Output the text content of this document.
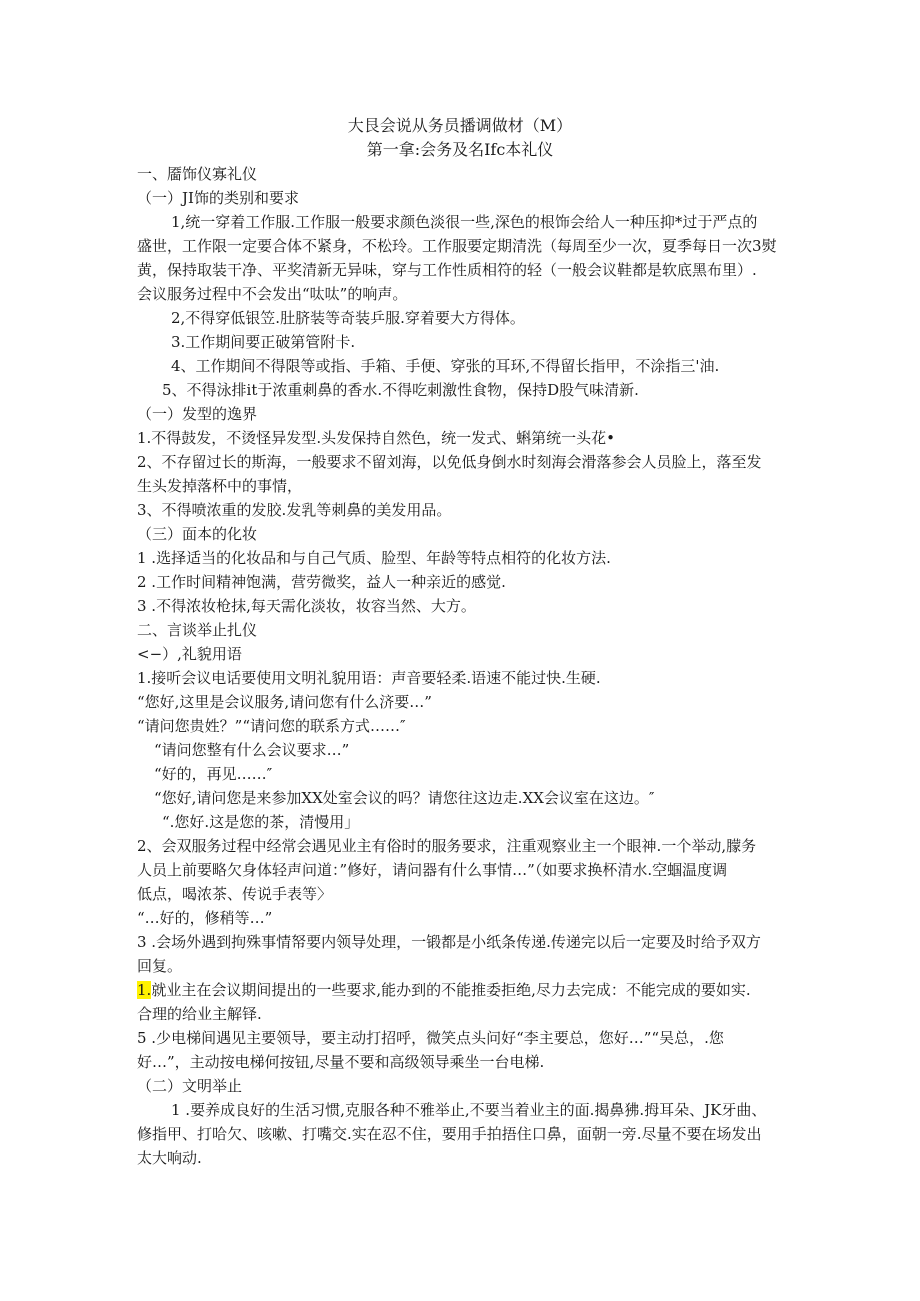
大艮会说从务员播调做材（M）
第一拿:会务及名Ifc本礼仪
一、靥饰仪寡礼仪
（一）JI饰的类别和要求
1,统一穿着工作服.工作服一般要求颜色淡很一些,深色的根饰会给人一种压抑*过于严点的
盛世，工作限一定要合体不紧身，不松玲。工作服要定期清洗（每周至少一次，夏季每日一次3熨
黄，保持取装干净、平奖清新无异味，穿与工作性质相符的轻（一般会议鞋都是软底黑布里）.
会议服务过程中不会发出“呔呔”的响声。
2,不得穿低银笠.肚脐装等奇装乒服.穿着要大方得体。
3.工作期间要正破第管附卡.
4、工作期间不得限等或指、手箱、手便、穿张的耳环,不得留长指甲，不涂指三'油.
5、不得泳排it于浓重刺鼻的香水.不得吃刺激性食物，保持D股气味清新.
（一）发型的逸界
1.不得鼓发，不烫怪异发型.头发保持自然色，统一发式、蝌第统一头花•
2、不存留过长的斯海，一般要求不留刘海，以免低身倒水时刻海会滑落参会人员脸上，落至发
生头发掉落杯中的事情，
3、不得喷浓重的发胶.发乳等刺鼻的美发用品。
（三）面本的化妆
1 .选择适当的化妆品和与自己气质、脸型、年龄等特点相符的化妆方法.
2 .工作时间精神饱满，营劳微奖，益人一种亲近的感觉.
3 .不得浓妆枪抹,每天需化淡妆，妆容当然、大方。
二、言谈举止扎仪
<−）,礼貌用语
1.接听会议电话要使用文明礼貌用语：声音要轻柔.语速不能过快.生硬.
“您好,这里是会议服务,请问您有什么济要…”
“请问您贵姓？”“请问您的联系方式……″
“请问您整有什么会议要求…”
“好的，再见……″
“您好,请问您是来参加XX处室会议的吗？请您往这边走.XX会议室在这边。″
“.您好.这是您的茶，清慢用」
2、会双服务过程中经常会遇见业主有俗时的服务要求，注重观察业主一个眼神.一个举动,朦务
人员上前要略欠身体轻声问道：”修好，请问器有什么事情…”（如要求换杯清水.空蝈温度调
低点，喝浓茶、传说手表等〉
“…好的，修稍等…”
3 .会场外遇到拘殊事情帑要内领导处理，一锻都是小纸条传递.传递完以后一定要及时给予双方
回复。
1.就业主在会议期间提出的一些要求,能办到的不能推委拒绝,尽力去完成：不能完成的要如实.
合理的给业主解铎.
5 .少电梯间遇见主要领导，要主动打招呼，微笑点头问好“李主要总，您好…”“吴总，.您
好…”，主动按电梯何按钮,尽量不要和高级领导乘坐一台电梯.
（二）文明举止
1 .要养成良好的生活习惯,克服各种不雅举止,不要当着业主的面.揭鼻狒.拇耳朵、JK牙曲、
修指甲、打哈欠、咳嗽、打嘴交.实在忍不住，要用手拍捂住口鼻，面朝一旁.尽量不要在场发出
太大响动.
